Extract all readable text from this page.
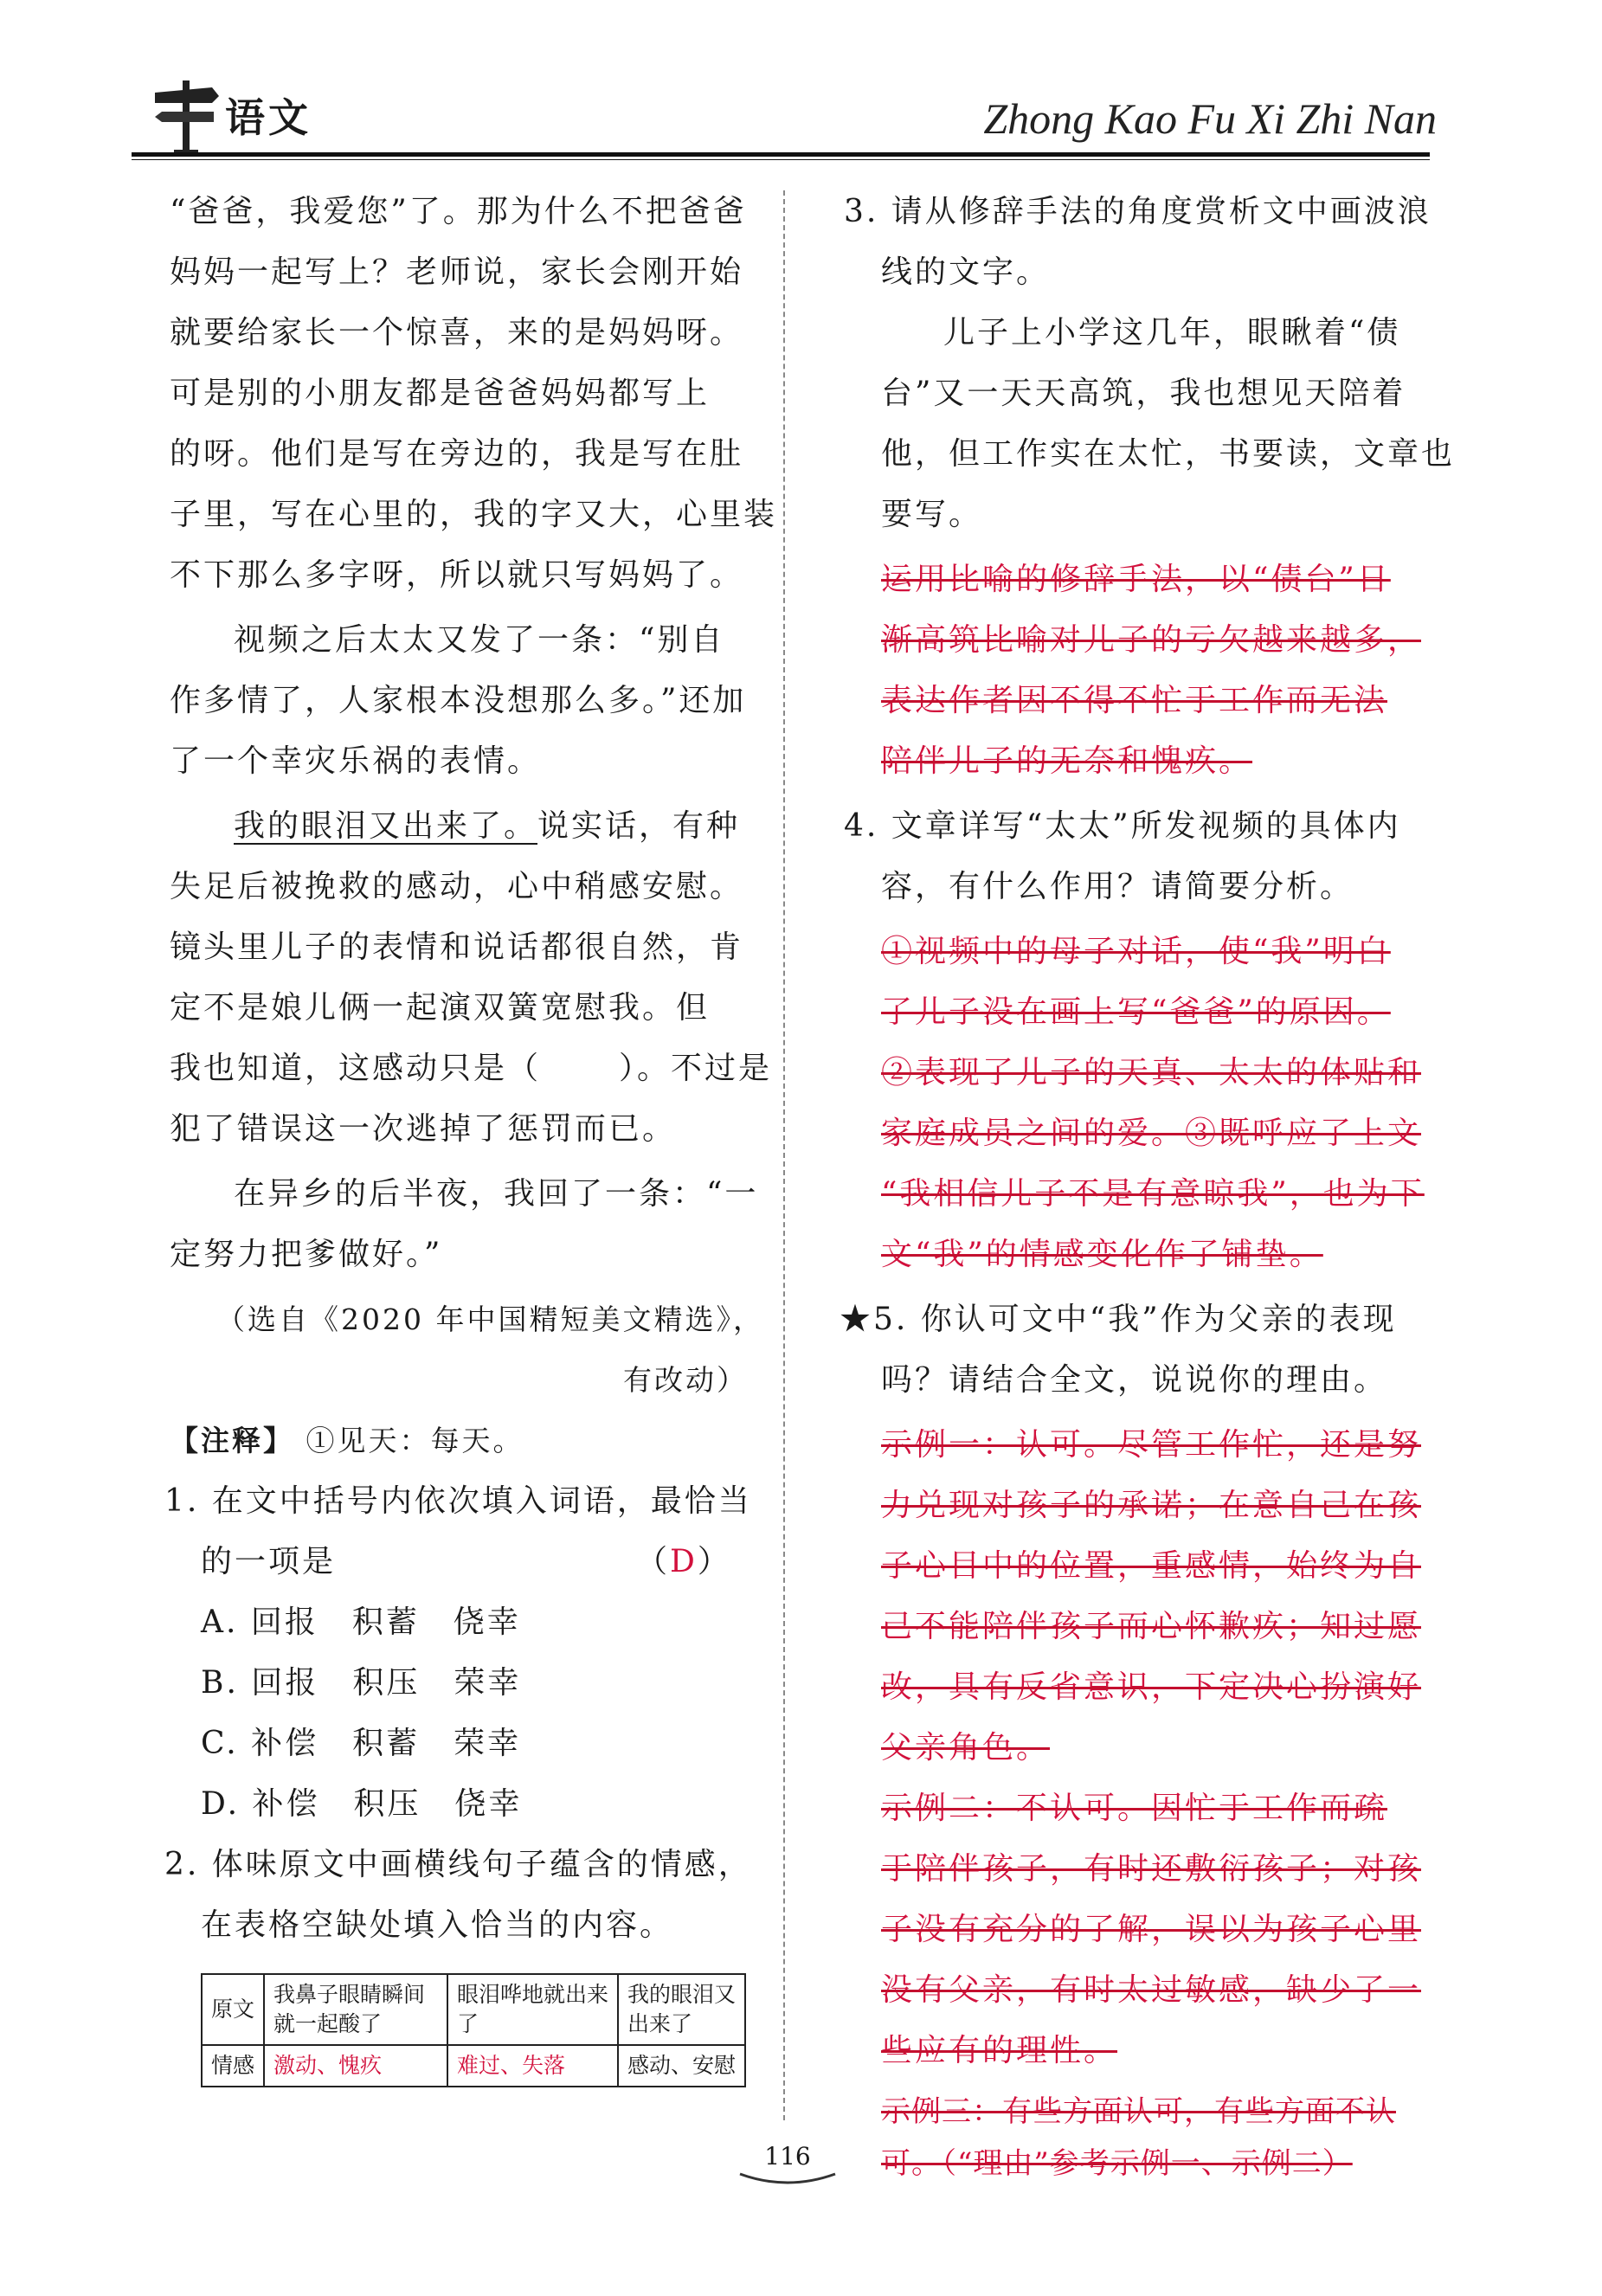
语文	Zhong Kao Fu Xi Zhi Nan
“爸爸，我爱您”了。那为什么不把爸爸
妈妈一起写上？老师说，家长会刚开始
就要给家长一个惊喜，来的是妈妈呀。
可是别的小朋友都是爸爸妈妈都写上
的呀。他们是写在旁边的，我是写在肚
子里，写在心里的，我的字又大，心里装
不下那么多字呀，所以就只写妈妈了。
视频之后太太又发了一条：“别自
作多情了，人家根本没想那么多。”还加
了一个幸灾乐祸的表情。
我的眼泪又出来了。说实话，有种
失足后被挽救的感动，心中稍感安慰。
镜头里儿子的表情和说话都很自然，肯
定不是娘儿俩一起演双簧宽慰我。但
我也知道，这感动只是（	）。不过是
犯了错误这一次逃掉了惩罚而已。
在异乡的后半夜，我回了一条：“一
定努力把爹做好。”
（选自《2020 年中国精短美文精选》，
有改动）
【注释】 ①见天：每天。
1. 在文中括号内依次填入词语，最恰当
的一项是	（D）
A. 回报　积蓄　侥幸
B. 回报　积压　荣幸
C. 补偿　积蓄　荣幸
D. 补偿　积压　侥幸
2. 体味原文中画横线句子蕴含的情感，
在表格空缺处填入恰当的内容。
原文	我鼻子眼睛瞬间就一起酸了	眼泪哗地就出来了	我的眼泪又出来了
情感	激动、愧疚	难过、失落	感动、安慰
3. 请从修辞手法的角度赏析文中画波浪
线的文字。
儿子上小学这几年，眼瞅着“债
台”又一天天高筑，我也想见天陪着
他，但工作实在太忙，书要读，文章也
要写。
运用比喻的修辞手法，以“债台”日
渐高筑比喻对儿子的亏欠越来越多，
表达作者因不得不忙于工作而无法
陪伴儿子的无奈和愧疚。
4. 文章详写“太太”所发视频的具体内
容，有什么作用？请简要分析。
①视频中的母子对话，使“我”明白
了儿子没在画上写“爸爸”的原因。
②表现了儿子的天真、太太的体贴和
家庭成员之间的爱。③既呼应了上文
“我相信儿子不是有意晾我”，也为下
文“我”的情感变化作了铺垫。
★5. 你认可文中“我”作为父亲的表现
吗？请结合全文，说说你的理由。
示例一：认可。尽管工作忙，还是努
力兑现对孩子的承诺；在意自己在孩
子心目中的位置，重感情，始终为自
己不能陪伴孩子而心怀歉疚；知过愿
改，具有反省意识，下定决心扮演好
父亲角色。
示例二：不认可。因忙于工作而疏
于陪伴孩子，有时还敷衍孩子；对孩
子没有充分的了解，误以为孩子心里
没有父亲，有时太过敏感，缺少了一
些应有的理性。
示例三：有些方面认可，有些方面不认
可。（“理由”参考示例一、示例二）
116
